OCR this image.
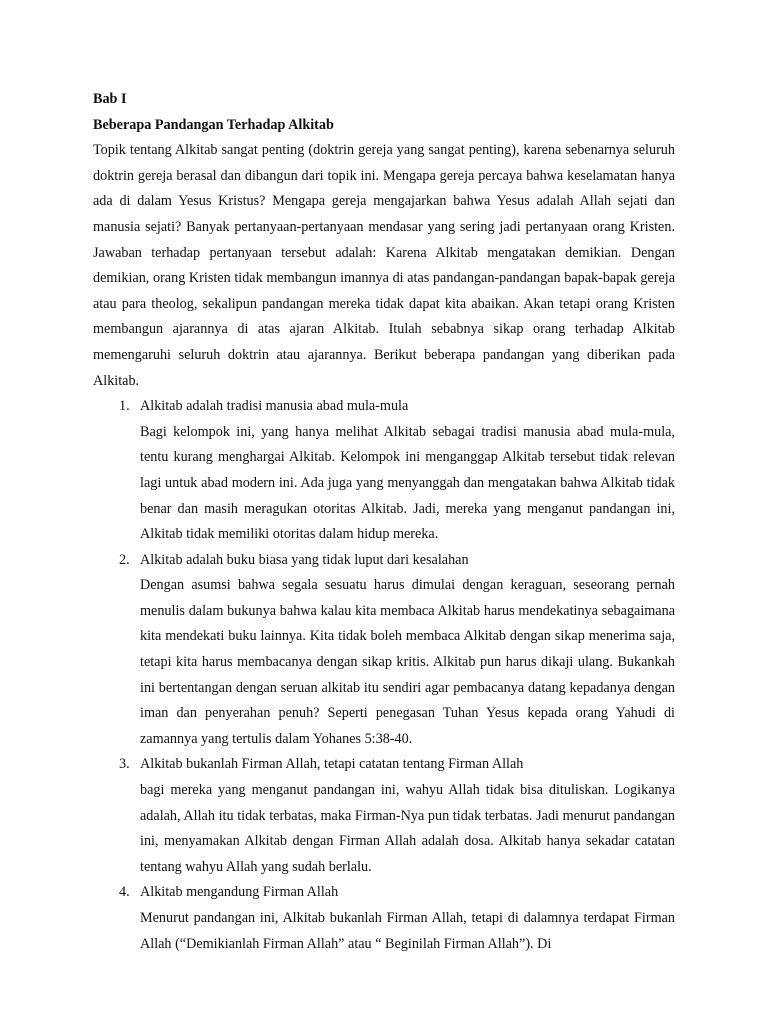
Bab I

Beberapa Pandangan Terhadap Alkitab

Topik tentang Alkitab sangat penting (doktrin gereja yang sangat penting), karena sebenarnya seluruh doktrin gereja berasal dan dibangun dari topik ini. Mengapa gereja percaya bahwa keselamatan hanya ada di dalam Yesus Kristus? Mengapa gereja mengajarkan bahwa Yesus adalah Allah sejati dan manusia sejati? Banyak pertanyaan-pertanyaan mendasar yang sering jadi pertanyaan orang Kristen. Jawaban terhadap pertanyaan tersebut adalah: Karena Alkitab mengatakan demikian. Dengan demikian, orang Kristen tidak membangun imannya di atas pandangan-pandangan bapak-bapak gereja atau para theolog, sekalipun pandangan mereka tidak dapat kita abaikan. Akan tetapi orang Kristen membangun ajarannya di atas ajaran Alkitab. Itulah sebabnya sikap orang terhadap Alkitab memengaruhi seluruh doktrin atau ajarannya. Berikut beberapa pandangan yang diberikan pada Alkitab.

1. Alkitab adalah tradisi manusia abad mula-mula
Bagi kelompok ini, yang hanya melihat Alkitab sebagai tradisi manusia abad mula-mula, tentu kurang menghargai Alkitab. Kelompok ini menganggap Alkitab tersebut tidak relevan lagi untuk abad modern ini. Ada juga yang menyanggah dan mengatakan bahwa Alkitab tidak benar dan masih meragukan otoritas Alkitab. Jadi, mereka yang menganut pandangan ini, Alkitab tidak memiliki otoritas dalam hidup mereka.
2. Alkitab adalah buku biasa yang tidak luput dari kesalahan
Dengan asumsi bahwa segala sesuatu harus dimulai dengan keraguan, seseorang pernah menulis dalam bukunya bahwa kalau kita membaca Alkitab harus mendekatinya sebagaimana kita mendekati buku lainnya. Kita tidak boleh membaca Alkitab dengan sikap menerima saja, tetapi kita harus membacanya dengan sikap kritis. Alkitab pun harus dikaji ulang. Bukankah ini bertentangan dengan seruan alkitab itu sendiri agar pembacanya datang kepadanya dengan iman dan penyerahan penuh? Seperti penegasan Tuhan Yesus kepada orang Yahudi di zamannya yang tertulis dalam Yohanes 5:38-40.
3. Alkitab bukanlah Firman Allah, tetapi catatan tentang Firman Allah
bagi mereka yang menganut pandangan ini, wahyu Allah tidak bisa dituliskan. Logikanya adalah, Allah itu tidak terbatas, maka Firman-Nya pun tidak terbatas. Jadi menurut pandangan ini, menyamakan Alkitab dengan Firman Allah adalah dosa. Alkitab hanya sekadar catatan tentang wahyu Allah yang sudah berlalu.
4. Alkitab mengandung Firman Allah
Menurut pandangan ini, Alkitab bukanlah Firman Allah, tetapi di dalamnya terdapat Firman Allah (“Demikianlah Firman Allah” atau “ Beginilah Firman Allah”). Di
